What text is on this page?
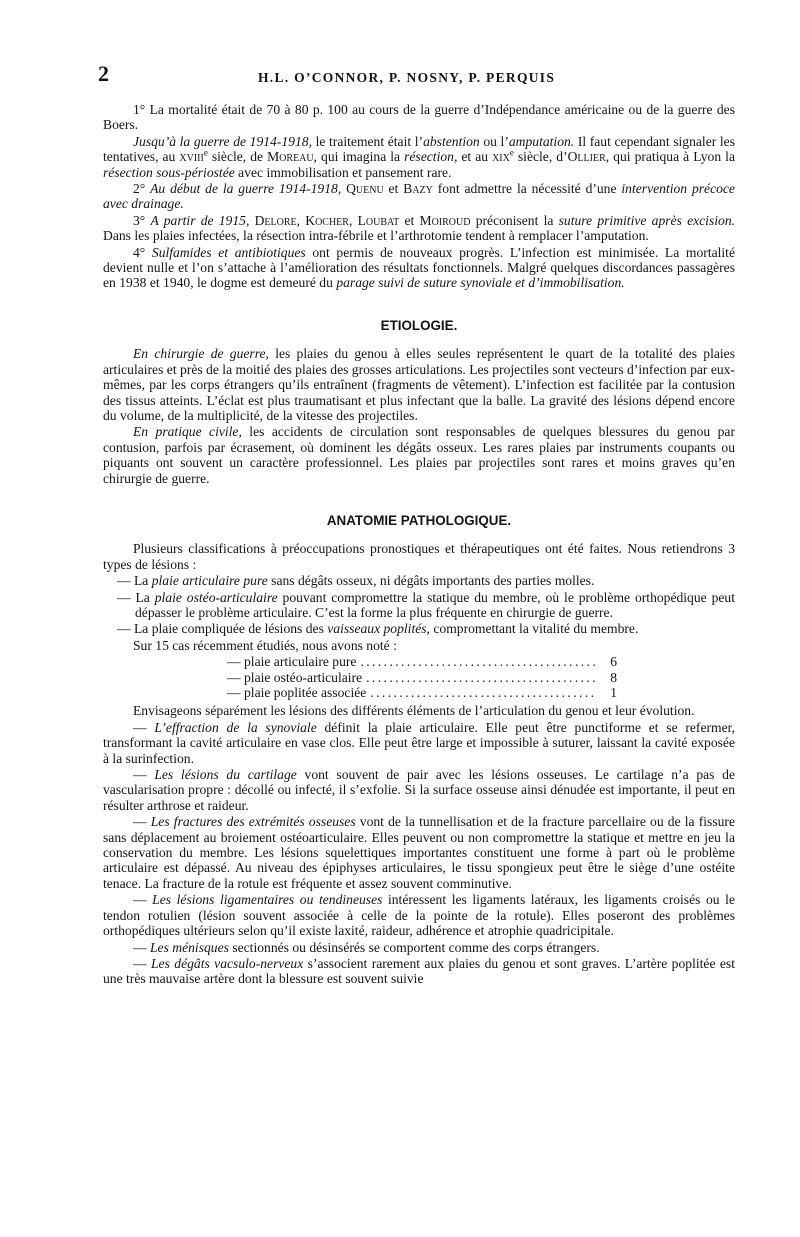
2	H.L. O’CONNOR, P. NOSNY, P. PERQUIS

1° La mortalité était de 70 à 80 p. 100 au cours de la guerre d’Indépendance américaine ou de la guerre des Boers.

Jusqu’à la guerre de 1914-1918, le traitement était l’abstention ou l’amputation. Il faut cependant signaler les tentatives, au xviii$^e$ siècle, de Moreau, qui imagina la résection, et au xix$^e$ siècle, d’Ollier, qui pratiqua à Lyon la résection sous-périostée avec immobilisation et pansement rare.

2° Au début de la guerre 1914-1918, Quenu et Bazy font admettre la nécessité d’une intervention précoce avec drainage.

3° A partir de 1915, Delore, Kocher, Loubat et Moiroud préconisent la suture primitive après excision. Dans les plaies infectées, la résection intra-fébrile et l’arthrotomie tendent à remplacer l’amputation.

4° Sulfamides et antibiotiques ont permis de nouveaux progrès. L’infection est minimisée. La mortalité devient nulle et l’on s’attache à l’amélioration des résultats fonctionnels. Malgré quelques discordances passagères en 1938 et 1940, le dogme est demeuré du parage suivi de suture synoviale et d’immobilisation.

ETIOLOGIE.

En chirurgie de guerre, les plaies du genou à elles seules représentent le quart de la totalité des plaies articulaires et près de la moitié des plaies des grosses articulations. Les projectiles sont vecteurs d’infection par eux-mêmes, par les corps étrangers qu’ils entraînent (fragments de vêtement). L’infection est facilitée par la contusion des tissus atteints. L’éclat est plus traumatisant et plus infectant que la balle. La gravité des lésions dépend encore du volume, de la multiplicité, de la vitesse des projectiles.

En pratique civile, les accidents de circulation sont responsables de quelques blessures du genou par contusion, parfois par écrasement, où dominent les dégâts osseux. Les rares plaies par instruments coupants ou piquants ont souvent un caractère professionnel. Les plaies par projectiles sont rares et moins graves qu’en chirurgie de guerre.

ANATOMIE PATHOLOGIQUE.

Plusieurs classifications à préoccupations pronostiques et thérapeutiques ont été faites. Nous retiendrons 3 types de lésions :

— La plaie articulaire pure sans dégâts osseux, ni dégâts importants des parties molles.

— La plaie ostéo-articulaire pouvant compromettre la statique du membre, où le problème orthopédique peut dépasser le problème articulaire. C’est la forme la plus fréquente en chirurgie de guerre.

— La plaie compliquée de lésions des vaisseaux poplités, compromettant la vitalité du membre.

Sur 15 cas récemment étudiés, nous avons noté :

— plaie articulaire pure . . .	6
— plaie ostéo-articulaire . . .	8
— plaie poplitée associée . . .	1

Envisageons séparément les lésions des différents éléments de l’articulation du genou et leur évolution.

— L’effraction de la synoviale définit la plaie articulaire. Elle peut être punctiforme et se refermer, transformant la cavité articulaire en vase clos. Elle peut être large et impossible à suturer, laissant la cavité exposée à la surinfection.

— Les lésions du cartilage vont souvent de pair avec les lésions osseuses. Le cartilage n’a pas de vascularisation propre : décollé ou infecté, il s’exfolie. Si la surface osseuse ainsi dénudée est importante, il peut en résulter arthrose et raideur.

— Les fractures des extrémités osseuses vont de la tunnellisation et de la fracture parcellaire ou de la fissure sans déplacement au broiement ostéoarticulaire. Elles peuvent ou non compromettre la statique et mettre en jeu la conservation du membre. Les lésions squelettiques importantes constituent une forme à part où le problème articulaire est dépassé. Au niveau des épiphyses articulaires, le tissu spongieux peut être le siège d’une ostéite tenace. La fracture de la rotule est fréquente et assez souvent comminutive.

— Les lésions ligamentaires ou tendineuses intéressent les ligaments latéraux, les ligaments croisés ou le tendon rotulien (lésion souvent associée à celle de la pointe de la rotule). Elles poseront des problèmes orthopédiques ultérieurs selon qu’il existe laxité, raideur, adhérence et atrophie quadricipitale.

— Les ménisques sectionnés ou désinsérés se comportent comme des corps étrangers.

— Les dégâts vacsulo-nerveux s’associent rarement aux plaies du genou et sont graves. L’artère poplitée est une très mauvaise artère dont la blessure est souvent suivie
